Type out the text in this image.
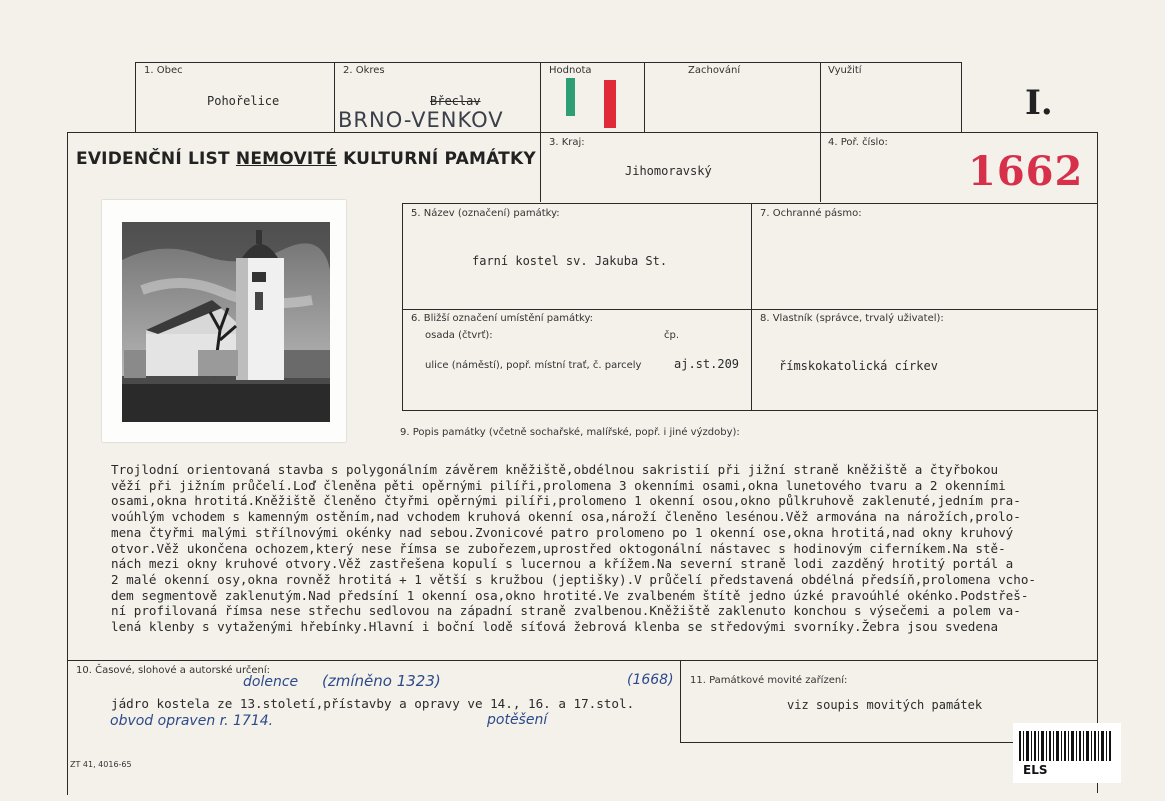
1. Obec
Pohořelice
2. Okres
Břeclav
BRNO-VENKOV
Hodnota	Zachování	Využití
I.
EVIDENČNÍ LIST NEMOVITÉ KULTURNÍ PAMÁTKY
3. Kraj:
Jihomoravský
4. Poř. číslo:
1662
5. Název (označení) památky:
farní kostel sv. Jakuba St.
7. Ochranné pásmo:
6. Bližší označení umístění památky:
osada (čtvrť):	čp.
ulice (náměstí), popř. místní trať, č. parcely	aj.st.209
8. Vlastník (správce, trvalý uživatel):
římskokatolická církev
9. Popis památky (včetně sochařské, malířské, popř. i jiné výzdoby):
Trojlodní orientovaná stavba s polygonálním závěrem kněžiště,obdélnou sakristií při jižní straně kněžiště a čtyřbokou
věží při jižním průčelí.Loď členěna pěti opěrnými pilíři,prolomena 3 okenními osami,okna lunetového tvaru a 2 okenními
osami,okna hrotitá.Kněžiště členěno čtyřmi opěrnými pilíři,prolomeno 1 okenní osou,okno půlkruhově zaklenuté,jedním pra-
voúhlým vchodem s kamenným ostěním,nad vchodem kruhová okenní osa,nároží členěno lesénou.Věž armována na nárožích,prolo-
mena čtyřmi malými střílnovými okénky nad sebou.Zvonicové patro prolomeno po 1 okenní ose,okna hrotitá,nad okny kruhový
otvor.Věž ukončena ochozem,který nese římsa se zubořezem,uprostřed oktogonální nástavec s hodinovým ciferníkem.Na stě-
nách mezi okny kruhové otvory.Věž zastřešena kopulí s lucernou a křížem.Na severní straně lodi zazděný hrotitý portál a
2 malé okenní osy,okna rovněž hrotitá + 1 větší s kružbou (jeptišky).V průčelí představená obdélná předsíň,prolomena vcho-
dem segmentově zaklenutým.Nad předsíní 1 okenní osa,okno hrotité.Ve zvalbeném štítě jedno úzké pravoúhlé okénko.Podstřeš-
ní profilovaná římsa nese střechu sedlovou na západní straně zvalbenou.Kněžiště zaklenuto konchou s výsečemi a polem va-
lená klenby s vytaženými hřebínky.Hlavní i boční lodě síťová žebrová klenba se středovými svorníky.Žebra jsou svedena
10. Časové, slohové a autorské určení:
dolence (zmíněno 1323)	(1668)
jádro kostela ze 13.století,přístavby a opravy ve 14., 16. a 17.stol.
obvod opraven r. 1714.	potěšení
11. Památkové movité zařízení:
viz soupis movitých památek
ZT 41, 4016-65	ELS
